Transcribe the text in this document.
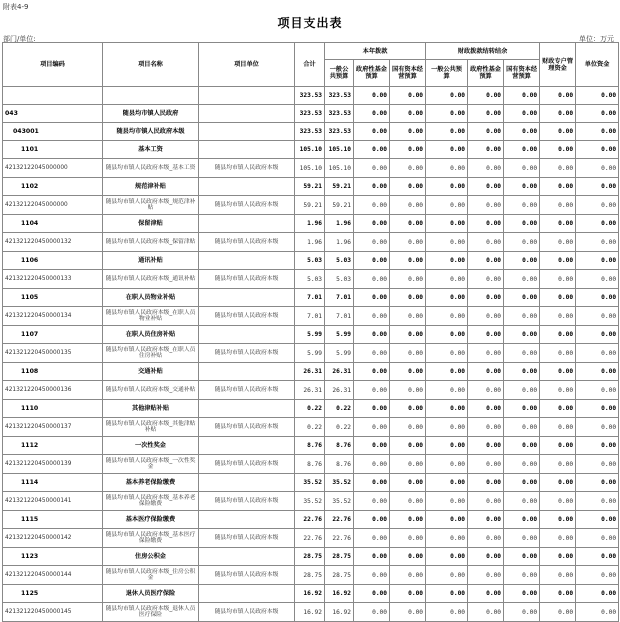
附表4-9
项目支出表
部门/单位:	单位：万元
项目编码	项目名称	项目单位	合计	本年拨款			财政拨款结转结余			财政专户管理资金	单位资金
				一般公共预算	政府性基金预算	国有资本经营预算	一般公共预算	政府性基金预算	国有资本经营预算		
			323.53	323.53	0.00	0.00	0.00	0.00	0.00	0.00	0.00
043	随县均市镇人民政府		323.53	323.53	0.00	0.00	0.00	0.00	0.00	0.00	0.00
043001	随县均市镇人民政府本级		323.53	323.53	0.00	0.00	0.00	0.00	0.00	0.00	0.00
1101	基本工资		105.10	105.10	0.00	0.00	0.00	0.00	0.00	0.00	0.00
42132122045000000	随县均市镇人民政府本级_基本工资	随县均市镇人民政府本级	105.10	105.10	0.00	0.00	0.00	0.00	0.00	0.00	0.00
1102	规范津补贴		59.21	59.21	0.00	0.00	0.00	0.00	0.00	0.00	0.00
42132122045000000	随县均市镇人民政府本级_规范津补贴	随县均市镇人民政府本级	59.21	59.21	0.00	0.00	0.00	0.00	0.00	0.00	0.00
1104	保留津贴		1.96	1.96	0.00	0.00	0.00	0.00	0.00	0.00	0.00
421321220450000132	随县均市镇人民政府本级_保留津贴	随县均市镇人民政府本级	1.96	1.96	0.00	0.00	0.00	0.00	0.00	0.00	0.00
1106	通讯补贴		5.03	5.03	0.00	0.00	0.00	0.00	0.00	0.00	0.00
421321220450000133	随县均市镇人民政府本级_通讯补贴	随县均市镇人民政府本级	5.03	5.03	0.00	0.00	0.00	0.00	0.00	0.00	0.00
1105	在职人员物业补贴		7.01	7.01	0.00	0.00	0.00	0.00	0.00	0.00	0.00
421321220450000134	随县均市镇人民政府本级_在职人员物业补贴	随县均市镇人民政府本级	7.01	7.01	0.00	0.00	0.00	0.00	0.00	0.00	0.00
1107	在职人员住房补贴		5.99	5.99	0.00	0.00	0.00	0.00	0.00	0.00	0.00
421321220450000135	随县均市镇人民政府本级_在职人员住房补贴	随县均市镇人民政府本级	5.99	5.99	0.00	0.00	0.00	0.00	0.00	0.00	0.00
1108	交通补贴		26.31	26.31	0.00	0.00	0.00	0.00	0.00	0.00	0.00
421321220450000136	随县均市镇人民政府本级_交通补贴	随县均市镇人民政府本级	26.31	26.31	0.00	0.00	0.00	0.00	0.00	0.00	0.00
1110	其他津贴补贴		0.22	0.22	0.00	0.00	0.00	0.00	0.00	0.00	0.00
421321220450000137	随县均市镇人民政府本级_其他津贴补贴	随县均市镇人民政府本级	0.22	0.22	0.00	0.00	0.00	0.00	0.00	0.00	0.00
1112	一次性奖金		8.76	8.76	0.00	0.00	0.00	0.00	0.00	0.00	0.00
421321220450000139	随县均市镇人民政府本级_一次性奖金	随县均市镇人民政府本级	8.76	8.76	0.00	0.00	0.00	0.00	0.00	0.00	0.00
1114	基本养老保险缴费		35.52	35.52	0.00	0.00	0.00	0.00	0.00	0.00	0.00
421321220450000141	随县均市镇人民政府本级_基本养老保险缴费	随县均市镇人民政府本级	35.52	35.52	0.00	0.00	0.00	0.00	0.00	0.00	0.00
1115	基本医疗保险缴费		22.76	22.76	0.00	0.00	0.00	0.00	0.00	0.00	0.00
421321220450000142	随县均市镇人民政府本级_基本医疗保险缴费	随县均市镇人民政府本级	22.76	22.76	0.00	0.00	0.00	0.00	0.00	0.00	0.00
1123	住房公积金		28.75	28.75	0.00	0.00	0.00	0.00	0.00	0.00	0.00
421321220450000144	随县均市镇人民政府本级_住房公积金	随县均市镇人民政府本级	28.75	28.75	0.00	0.00	0.00	0.00	0.00	0.00	0.00
1125	退休人员医疗保险		16.92	16.92	0.00	0.00	0.00	0.00	0.00	0.00	0.00
421321220450000145	随县均市镇人民政府本级_退休人员医疗保险	随县均市镇人民政府本级	16.92	16.92	0.00	0.00	0.00	0.00	0.00	0.00	0.00
